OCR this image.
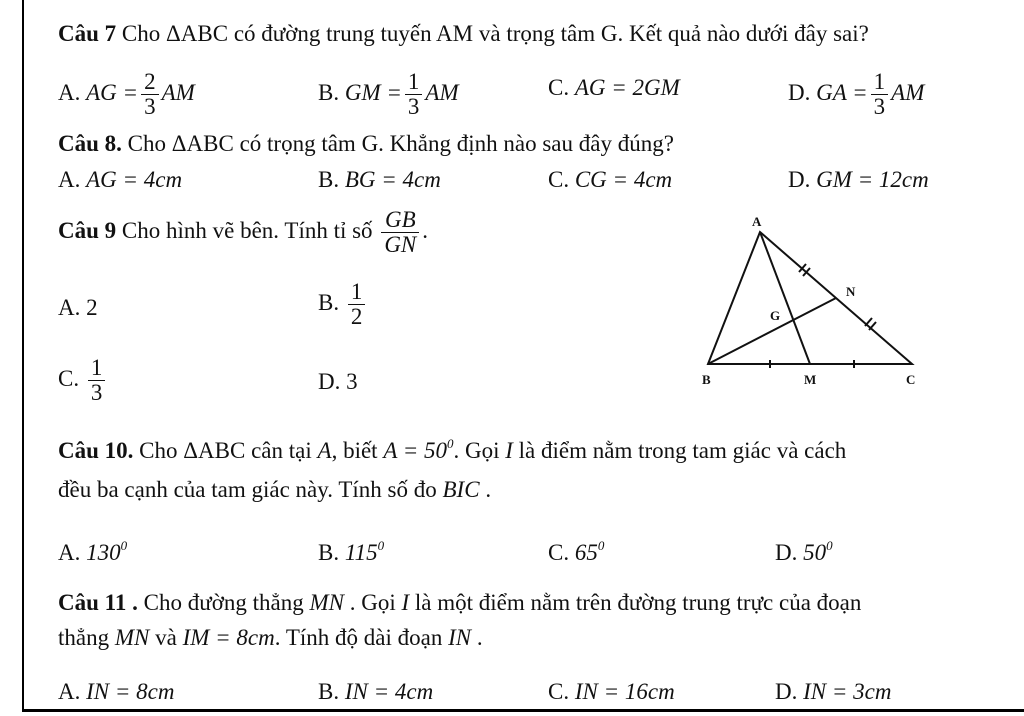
Câu 7 Cho ΔABC có đường trung tuyến AM và trọng tâm G. Kết quả nào dưới đây sai?
A. AG = $\frac{2}{3}$ AM	B. GM = $\frac{1}{3}$ AM	C. AG = 2GM	D. GA = $\frac{1}{3}$ AM
Câu 8. Cho ΔABC có trọng tâm G. Khẳng định nào sau đây đúng?
A. AG = 4cm	B. BG = 4cm	C. CG = 4cm	D. GM = 12cm
Câu 9 Cho hình vẽ bên. Tính tỉ số $\frac{GB}{GN}$ .
A. 2	B. $\frac{1}{2}$
C. $\frac{1}{3}$	D. 3
A
B	M	C
N
G
Câu 10. Cho ΔABC cân tại A, biết $A = 50^0$. Gọi I là điểm nằm trong tam giác và cách
đều ba cạnh của tam giác này. Tính số đo BIC .
A. $130^0$	B. $115^0$	C. $65^0$	D. $50^0$
Câu 11 . Cho đường thẳng MN . Gọi I là một điểm nằm trên đường trung trực của đoạn
thẳng MN và IM = 8cm. Tính độ dài đoạn IN .
A. IN = 8cm	B. IN = 4cm	C. IN = 16cm	D. IN = 3cm
